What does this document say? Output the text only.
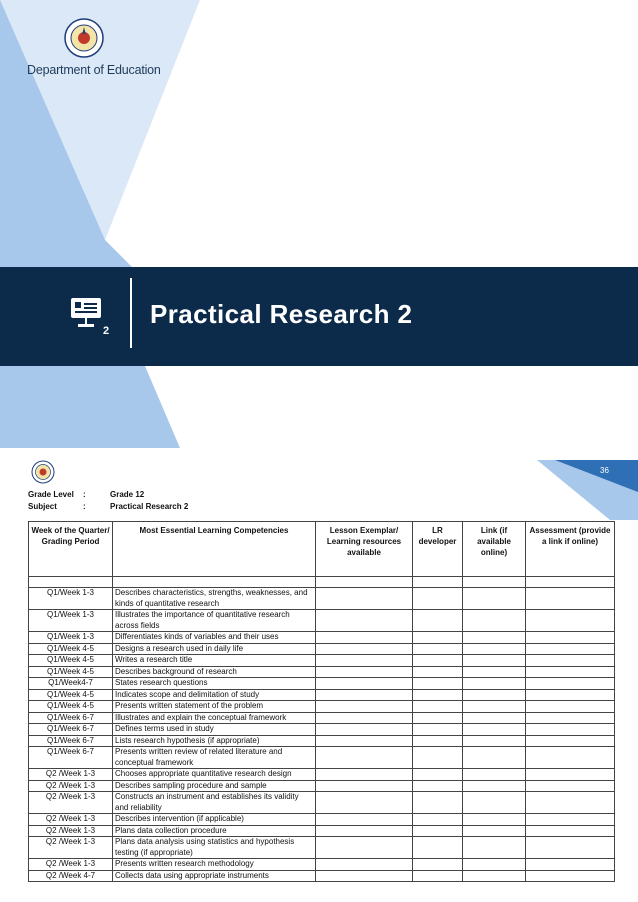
Department of Education
2
Practical Research 2
36
Grade Level :	Grade 12
Subject	:	Practical Research 2
Week of the Quarter/ Grading Period	Most Essential Learning Competencies	Lesson Exemplar/ Learning resources available	LR developer	Link (if available online)	Assessment (provide a link if online)

Q1/Week 1-3	Describes characteristics, strengths, weaknesses, and kinds of quantitative research				
Q1/Week 1-3	Illustrates the importance of quantitative research across fields				
Q1/Week 1-3	Differentiates kinds of variables and their uses				
Q1/Week 4-5	Designs a research used in daily life				
Q1/Week 4-5	Writes a research title				
Q1/Week 4-5	Describes background of research				
Q1/Week4-7	States research questions				
Q1/Week 4-5	Indicates scope and delimitation of study				
Q1/Week 4-5	Presents written statement of the problem				
Q1/Week 6-7	Illustrates and explain the conceptual framework				
Q1/Week 6-7	Defines terms used in study				
Q1/Week 6-7	Lists research hypothesis (if appropriate)				
Q1/Week 6-7	Presents written review of related literature and conceptual framework				
Q2 /Week 1-3	Chooses appropriate quantitative research design				
Q2 /Week 1-3	Describes sampling procedure and sample				
Q2 /Week 1-3	Constructs an instrument and establishes its validity and reliability				
Q2 /Week 1-3	Describes intervention (if applicable)				
Q2 /Week 1-3	Plans data collection procedure				
Q2 /Week 1-3	Plans data analysis using statistics and hypothesis testing (if appropriate)				
Q2 /Week 1-3	Presents written research methodology				
Q2 /Week 4-7	Collects data using appropriate instruments				
